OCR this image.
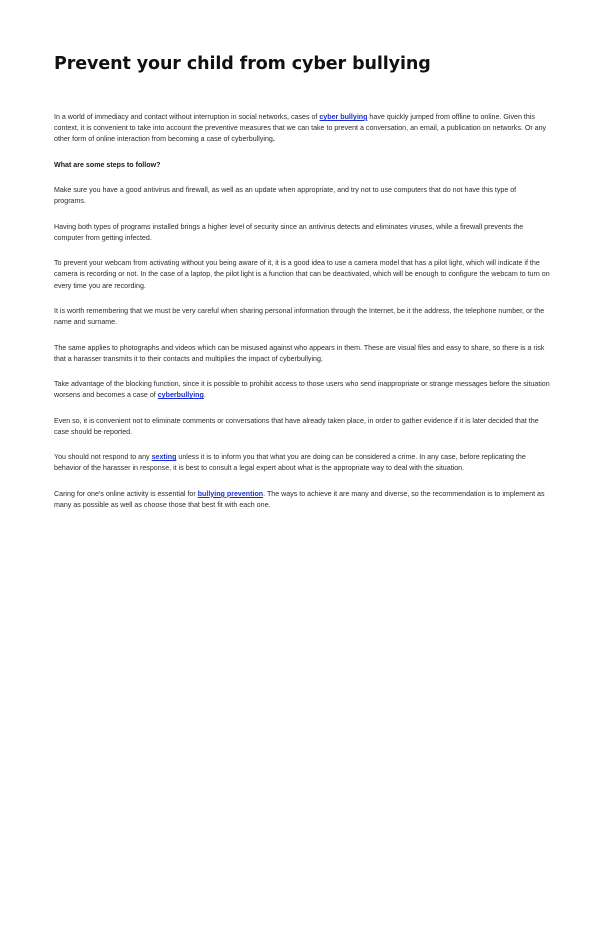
Prevent your child from cyber bullying

In a world of immediacy and contact without interruption in social networks, cases of cyber bullying have quickly jumped from offline to online. Given this context, it is convenient to take into account the preventive measures that we can take to prevent a conversation, an email, a publication on networks. Or any other form of online interaction from becoming a case of cyberbullying.

What are some steps to follow?

Make sure you have a good antivirus and firewall, as well as an update when appropriate, and try not to use computers that do not have this type of programs.

Having both types of programs installed brings a higher level of security since an antivirus detects and eliminates viruses, while a firewall prevents the computer from getting infected.

To prevent your webcam from activating without you being aware of it, it is a good idea to use a camera model that has a pilot light, which will indicate if the camera is recording or not. In the case of a laptop, the pilot light is a function that can be deactivated, which will be enough to configure the webcam to turn on every time you are recording.

It is worth remembering that we must be very careful when sharing personal information through the Internet, be it the address, the telephone number, or the name and surname.

The same applies to photographs and videos which can be misused against who appears in them. These are visual files and easy to share, so there is a risk that a harasser transmits it to their contacts and multiplies the impact of cyberbullying.

Take advantage of the blocking function, since it is possible to prohibit access to those users who send inappropriate or strange messages before the situation worsens and becomes a case of cyberbullying.

Even so, it is convenient not to eliminate comments or conversations that have already taken place, in order to gather evidence if it is later decided that the case should be reported.

You should not respond to any sexting unless it is to inform you that what you are doing can be considered a crime. In any case, before replicating the behavior of the harasser in response, it is best to consult a legal expert about what is the appropriate way to deal with the situation.

Caring for one's online activity is essential for bullying prevention. The ways to achieve it are many and diverse, so the recommendation is to implement as many as possible as well as choose those that best fit with each one.
